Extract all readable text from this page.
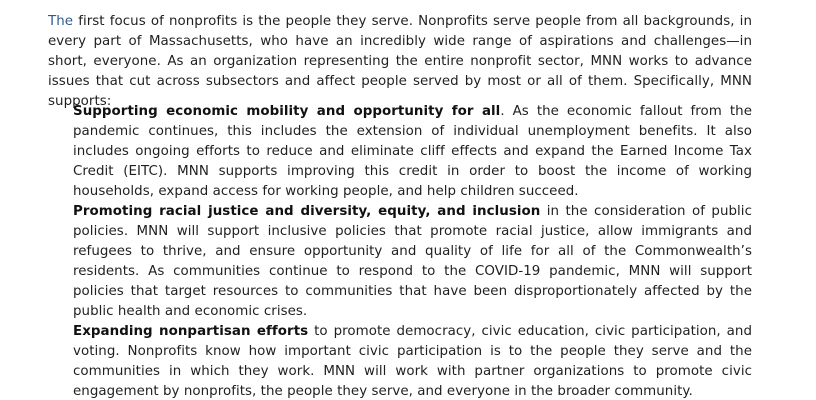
The first focus of nonprofits is the people they serve. Nonprofits serve people from all backgrounds, in every part of Massachusetts, who have an incredibly wide range of aspirations and challenges—in short, everyone. As an organization representing the entire nonprofit sector, MNN works to advance issues that cut across subsectors and affect people served by most or all of them. Specifically, MNN supports:

Supporting economic mobility and opportunity for all. As the economic fallout from the pandemic continues, this includes the extension of individual unemployment benefits. It also includes ongoing efforts to reduce and eliminate cliff effects and expand the Earned Income Tax Credit (EITC). MNN supports improving this credit in order to boost the income of working households, expand access for working people, and help children succeed.

Promoting racial justice and diversity, equity, and inclusion in the consideration of public policies. MNN will support inclusive policies that promote racial justice, allow immigrants and refugees to thrive, and ensure opportunity and quality of life for all of the Commonwealth’s residents. As communities continue to respond to the COVID-19 pandemic, MNN will support policies that target resources to communities that have been disproportionately affected by the public health and economic crises.

Expanding nonpartisan efforts to promote democracy, civic education, civic participation, and voting. Nonprofits know how important civic participation is to the people they serve and the communities in which they work. MNN will work with partner organizations to promote civic engagement by nonprofits, the people they serve, and everyone in the broader community.
